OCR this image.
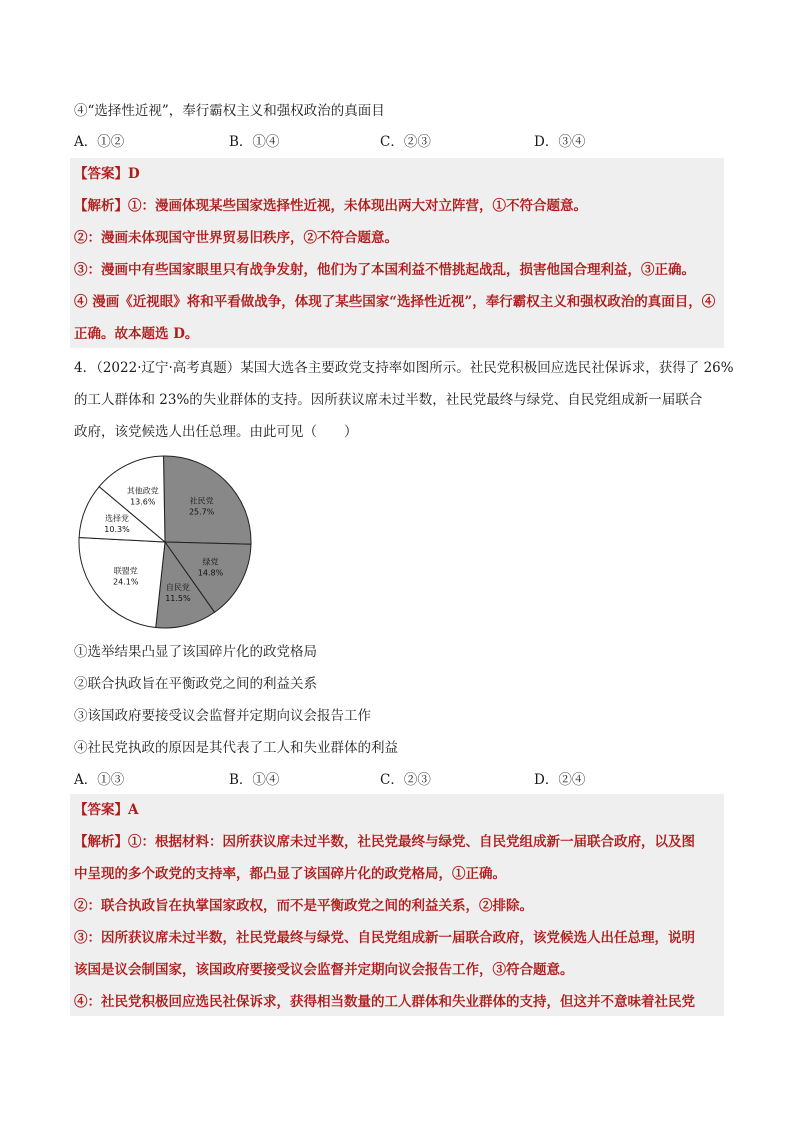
④“选择性近视”，奉行霸权主义和强权政治的真面目
A．①②	B．①④	C．②③	D．③④
【答案】D
【解析】①：漫画体现某些国家选择性近视，未体现出两大对立阵营，①不符合题意。
②：漫画未体现国守世界贸易旧秩序，②不符合题意。
③：漫画中有些国家眼里只有战争发射，他们为了本国利益不惜挑起战乱，损害他国合理利益，③正确。
④ 漫画《近视眼》将和平看做战争，体现了某些国家“选择性近视”，奉行霸权主义和强权政治的真面目，④
正确。故本题选 D。
4．（2022·辽宁·高考真题）某国大选各主要政党支持率如图所示。社民党积极回应选民社保诉求，获得了 26%
的工人群体和 23%的失业群体的支持。因所获议席未过半数，社民党最终与绿党、自民党组成新一届联合
政府，该党候选人出任总理。由此可见（　　）
社民党
25.7%
绿党
14.8%
自民党
11.5%
联盟党
24.1%
选择党
10.3%
其他政党
13.6%
①选举结果凸显了该国碎片化的政党格局
②联合执政旨在平衡政党之间的利益关系
③该国政府要接受议会监督并定期向议会报告工作
④社民党执政的原因是其代表了工人和失业群体的利益
A．①③	B．①④	C．②③	D．②④
【答案】A
【解析】①：根据材料：因所获议席未过半数，社民党最终与绿党、自民党组成新一届联合政府，以及图
中呈现的多个政党的支持率，都凸显了该国碎片化的政党格局，①正确。
②：联合执政旨在执掌国家政权，而不是平衡政党之间的利益关系，②排除。
③：因所获议席未过半数，社民党最终与绿党、自民党组成新一届联合政府，该党候选人出任总理，说明
该国是议会制国家，该国政府要接受议会监督并定期向议会报告工作，③符合题意。
④：社民党积极回应选民社保诉求，获得相当数量的工人群体和失业群体的支持，但这并不意味着社民党
